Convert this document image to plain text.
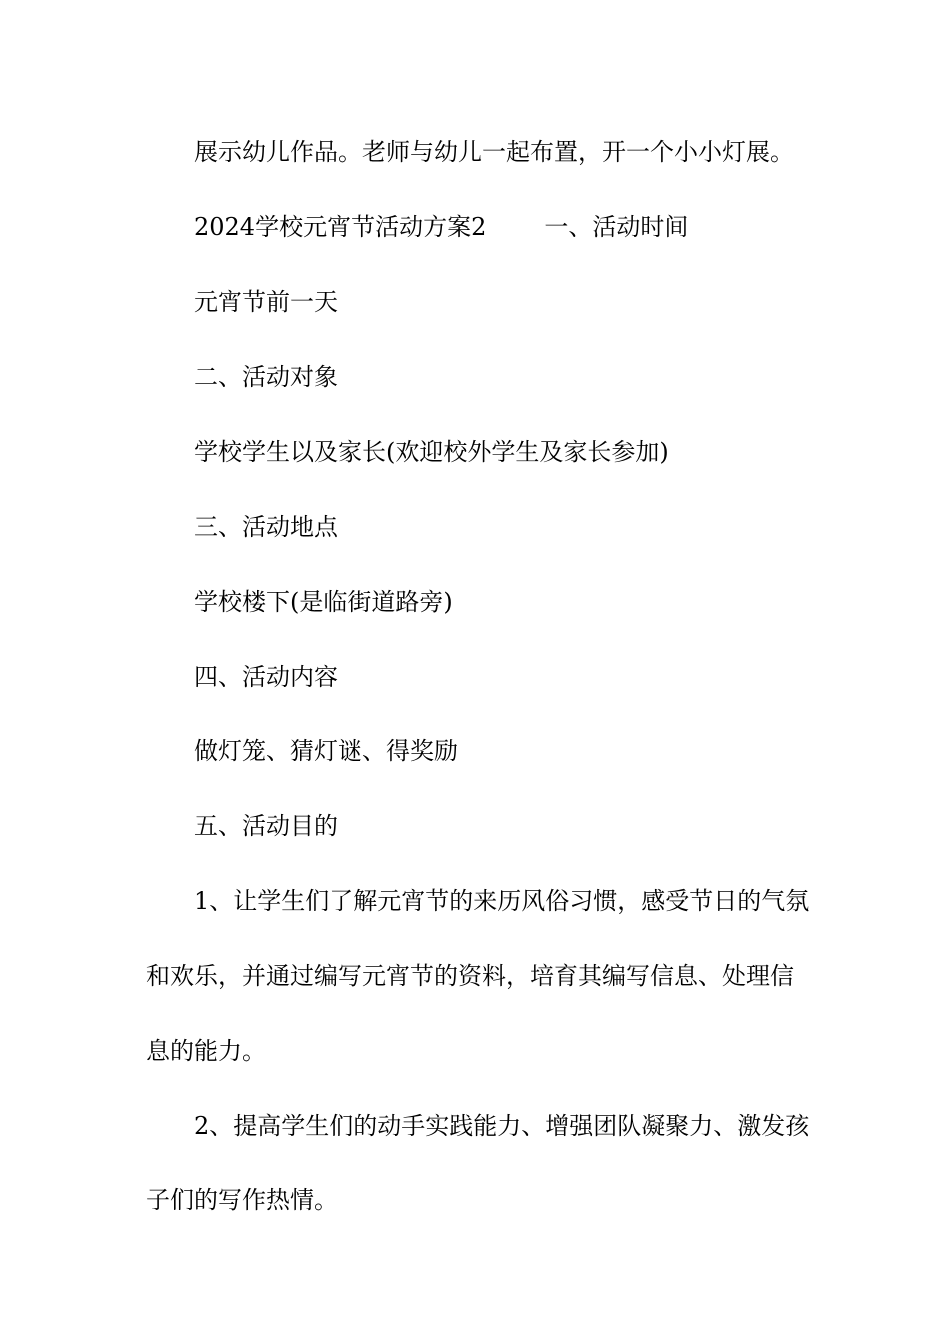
展示幼儿作品。老师与幼儿一起布置，开一个小小灯展。
2024学校元宵节活动方案2 一、活动时间
元宵节前一天
二、活动对象
学校学生以及家长(欢迎校外学生及家长参加)
三、活动地点
学校楼下(是临街道路旁)
四、活动内容
做灯笼、猜灯谜、得奖励
五、活动目的
1、让学生们了解元宵节的来历风俗习惯，感受节日的气氛
和欢乐，并通过编写元宵节的资料，培育其编写信息、处理信
息的能力。
2、提高学生们的动手实践能力、增强团队凝聚力、激发孩
子们的写作热情。
